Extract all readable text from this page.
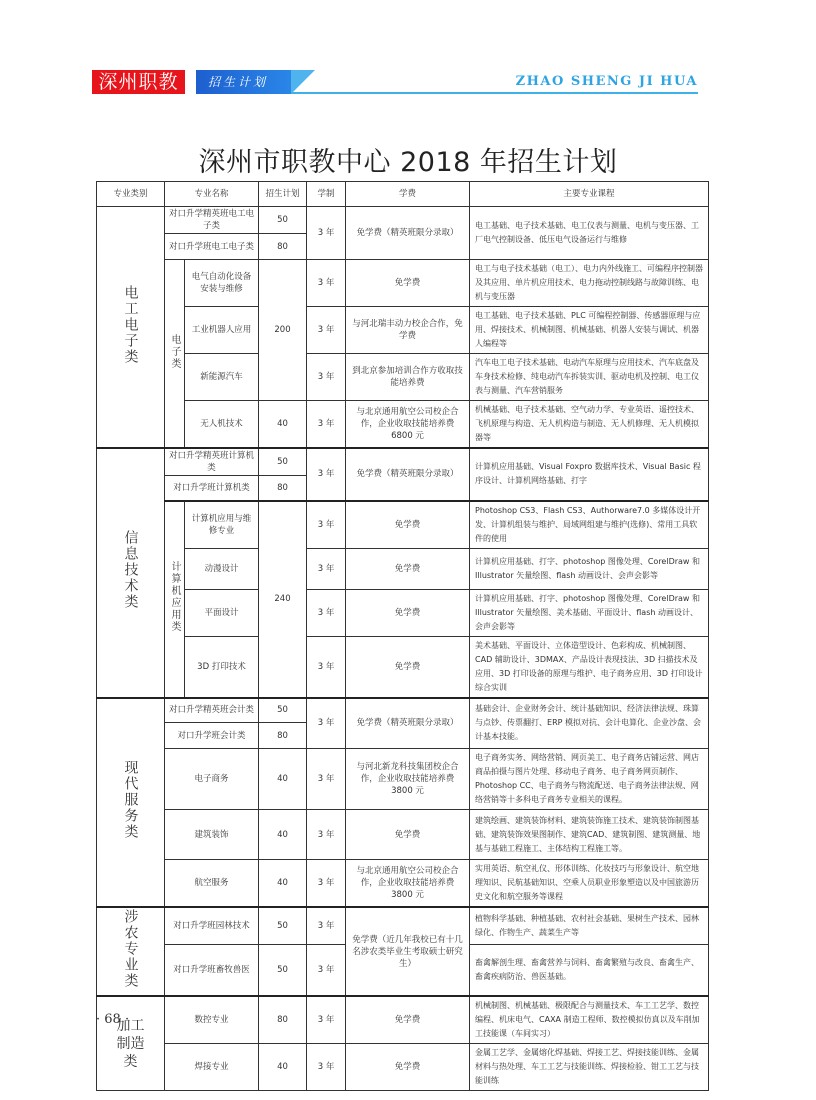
深州职教	招生计划	ZHAO SHENG JI HUA
深州市职教中心 2018 年招生计划
专业类别	专业名称		招生计划	学制	学费	主要专业课程
电工电子类	对口升学精英班电工电子类		50	3 年	免学费（精英班限分录取）	电工基础、电子技术基础、电工仪表与测量、电机与变压器、工厂电气控制设备、低压电气设备运行与维修
	对口升学班电工电子类		80			
	电子类	电气自动化设备安装与维修	200	3 年	免学费	电工与电子技术基础（电工）、电力内外线施工、可编程序控制器及其应用、单片机应用技术、电力拖动控制线路与故障训练、电机与变压器
		工业机器人应用		3 年	与河北瑞丰动力校企合作，免学费	电工基础、电子技术基础、PLC 可编程控制器、传感器原理与应用、焊接技术、机械制图、机械基础、机器人安装与调试、机器人编程等
		新能源汽车		3 年	到北京参加培训合作方收取技能培养费	汽车电工电子技术基础、电动汽车原理与应用技术、汽车底盘及车身技术检修、纯电动汽车拆装实训、驱动电机及控制、电工仪表与测量、汽车营销服务
		无人机技术	40	3 年	与北京通用航空公司校企合作，企业收取技能培养费 6800 元	机械基础、电子技术基础、空气动力学、专业英语、遥控技术、飞机原理与构造、无人机构造与制造、无人机修理、无人机模拟器等
信息技术类	对口升学精英班计算机类		50	3 年	免学费（精英班限分录取）	计算机应用基础、Visual Foxpro 数据库技术、Visual Basic 程序设计、计算机网络基础、打字
	对口升学班计算机类		80			
	计算机应用类	计算机应用与维修专业	240	3 年	免学费	Photoshop CS3、Flash CS3、Authorware7.0 多媒体设计开发、计算机组装与维护、局域网组建与维护(选修)、常用工具软件的使用
		动漫设计		3 年	免学费	计算机应用基础、打字、photoshop 图像处理、CorelDraw 和 Illustrator 矢量绘图、flash 动画设计、会声会影等
		平面设计		3 年	免学费	计算机应用基础、打字、photoshop 图像处理、CorelDraw 和 Illustrator 矢量绘图、美术基础、平面设计、flash 动画设计、会声会影等
		3D 打印技术		3 年	免学费	美术基础、平面设计、立体造型设计、色彩构成、机械制图、CAD 辅助设计、3DMAX、产品设计表现技法、3D 扫描技术及应用、3D 打印设备的原理与维护、电子商务应用、3D 打印设计综合实训
现代服务类	对口升学精英班会计类		50	3 年	免学费（精英班限分录取）	基础会计、企业财务会计、统计基础知识、经济法律法规、珠算与点钞、传票翻打、ERP 模拟对抗、会计电算化、企业沙盘、会计基本技能。
	对口升学班会计类		80			
	电子商务		40	3 年	与河北新龙科技集团校企合作，企业收取技能培养费 3800 元	电子商务实务、网络营销、网页美工、电子商务店铺运营、网店商品拍摄与图片处理、移动电子商务、电子商务网页制作、Photoshop CC、电子商务与物流配送、电子商务法律法规、网络营销等十多科电子商务专业相关的课程。
	建筑装饰		40	3 年	免学费	建筑绘画、建筑装饰材料、建筑装饰施工技术、建筑装饰制图基础、建筑装饰效果图制作、建筑CAD、建筑制图、建筑测量、地基与基础工程施工、主体结构工程施工等。
	航空服务		40	3 年	与北京通用航空公司校企合作，企业收取技能培养费 3800 元	实用英语、航空礼仪、形体训练、化妆技巧与形象设计、航空地理知识、民航基础知识、空乘人员职业形象塑造以及中国旅游历史文化和航空服务等课程
涉农专业类	对口升学班园林技术		50	3 年	免学费（近几年我校已有十几名涉农类毕业生考取硕士研究生）	植物科学基础、种植基础、农村社会基础、果树生产技术、园林绿化、作物生产、蔬菜生产等
	对口升学班畜牧兽医		50	3 年		畜禽解剖生理、畜禽营养与饲料、畜禽繁殖与改良、畜禽生产、畜禽疾病防治、兽医基础。
加工制造类	数控专业		80	3 年	免学费	机械制图、机械基础、极限配合与测量技术、车工工艺学、数控编程、机床电气、CAXA 制造工程师、数控模拟仿真以及车削加工技能课（车间实习）
	焊接专业		40	3 年	免学费	金属工艺学、金属熔化焊基础、焊接工艺、焊接技能训练、金属材料与热处理、车工工艺与技能训练、焊接检验、钳工工艺与技能训练
· 68 ·
